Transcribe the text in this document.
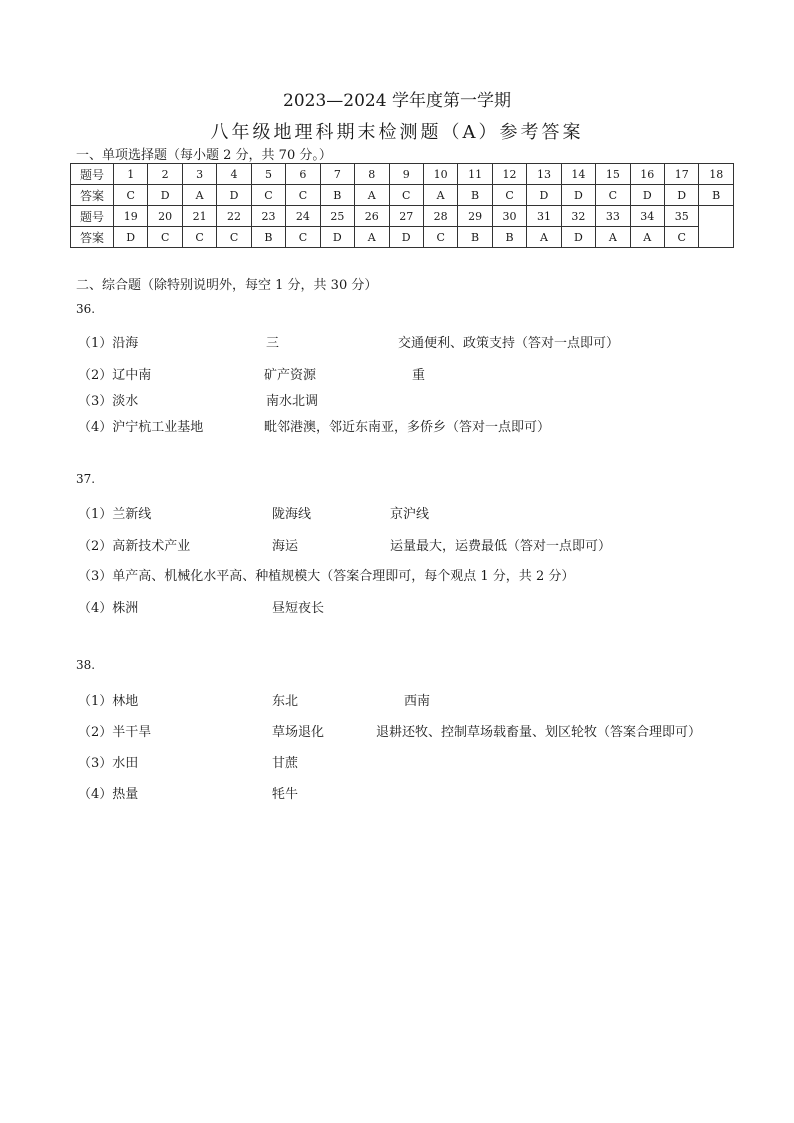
2023—2024 学年度第一学期
八年级地理科期末检测题（A）参考答案
一、单项选择题（每小题 2 分，共 70 分。）
题号	1	2	3	4	5	6	7	8	9	10	11	12	13	14	15	16	17	18
答案	C	D	A	D	C	C	B	A	C	A	B	C	D	D	C	D	D	B
题号	19	20	21	22	23	24	25	26	27	28	29	30	31	32	33	34	35	
答案	D	C	C	C	B	C	D	A	D	C	B	B	A	D	A	A	C	
二、综合题（除特别说明外，每空 1 分，共 30 分）
36.
37.
38.
（1）沿海	三	交通便利、政策支持（答对一点即可）
（2）辽中南	矿产资源	重
（3）淡水	南水北调
（4）沪宁杭工业基地	毗邻港澳，邻近东南亚，多侨乡（答对一点即可）
（1）兰新线	陇海线	京沪线
（2）高新技术产业	海运	运量最大，运费最低（答对一点即可）
（3）单产高、机械化水平高、种植规模大（答案合理即可，每个观点 1 分，共 2 分）
（4）株洲	昼短夜长
（1）林地	东北	西南
（2）半干旱	草场退化	退耕还牧、控制草场载畜量、划区轮牧（答案合理即可）
（3）水田	甘蔗
（4）热量	牦牛
